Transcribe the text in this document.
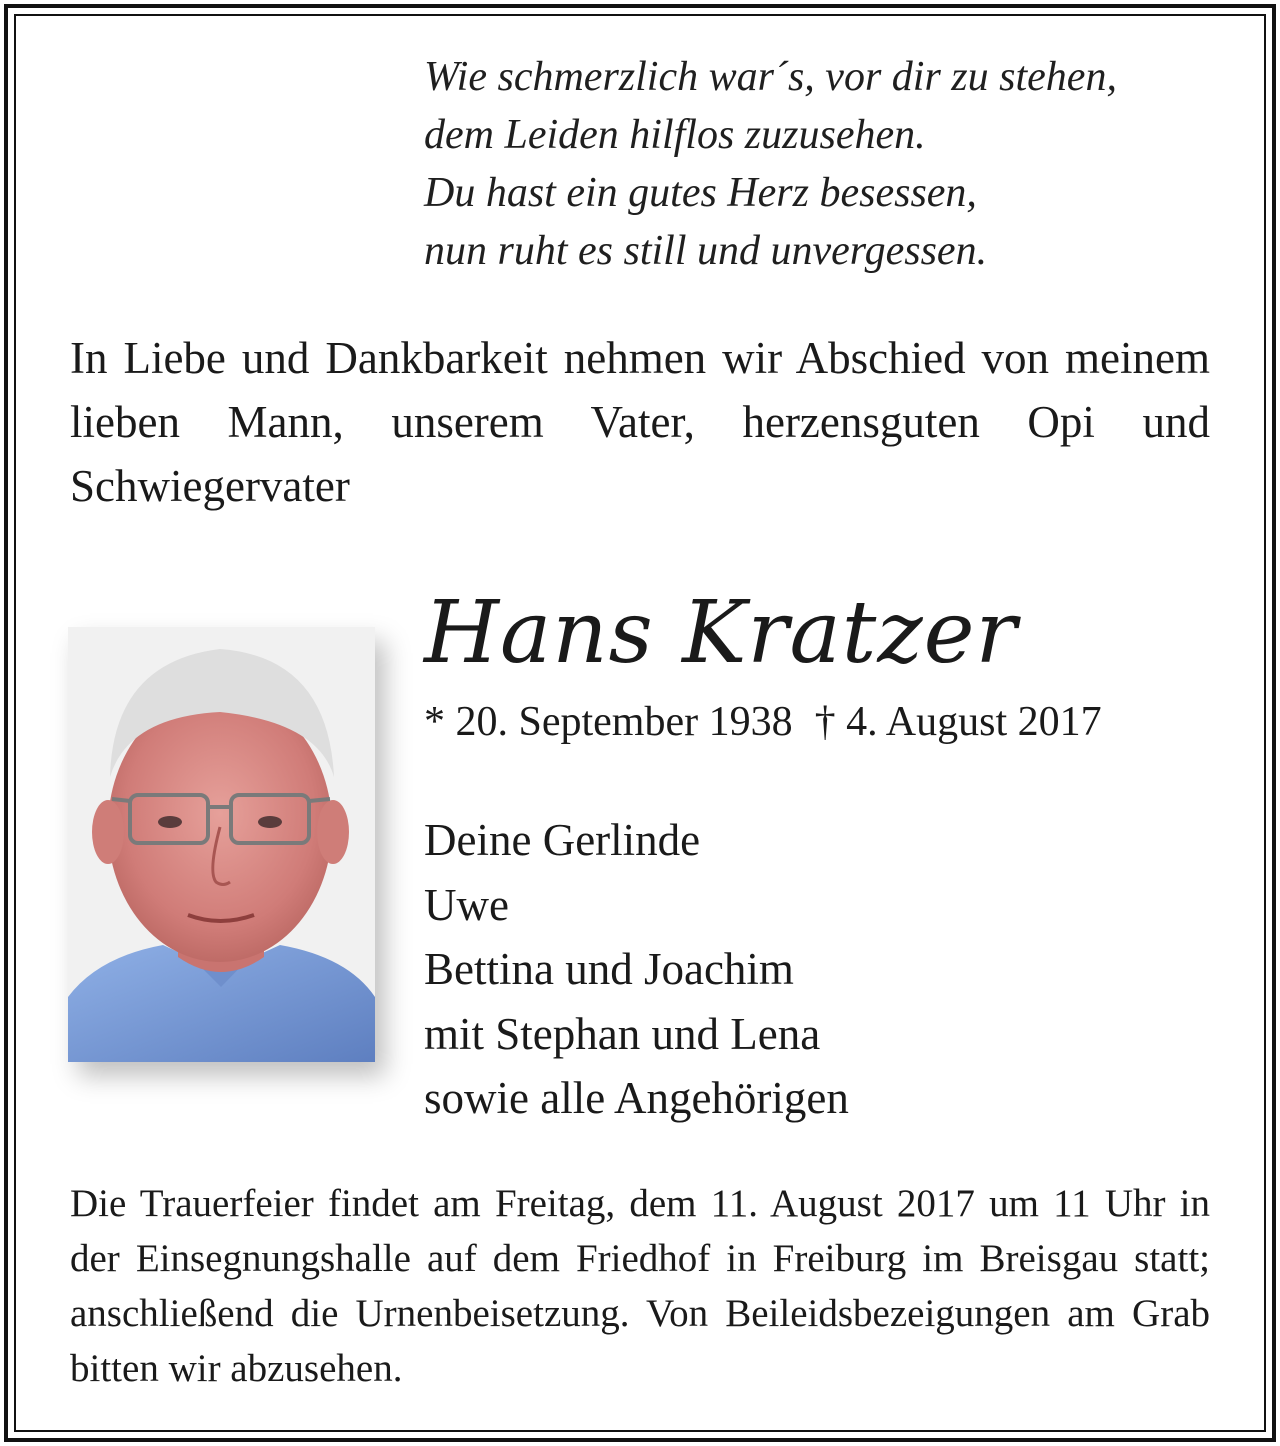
Wie schmerzlich war´s, vor dir zu stehen,
dem Leiden hilflos zuzusehen.
Du hast ein gutes Herz besessen,
nun ruht es still und unvergessen.
In Liebe und Dankbarkeit nehmen wir Abschied von meinem lieben Mann, unserem Vater, herzensguten Opi und Schwiegervater
Hans Kratzer
* 20. September 1938 † 4. August 2017
Deine Gerlinde
Uwe
Bettina und Joachim
mit Stephan und Lena
sowie alle Angehörigen
Die Trauerfeier findet am Freitag, dem 11. August 2017 um 11 Uhr in der Einsegnungshalle auf dem Friedhof in Freiburg im Breisgau statt; anschließend die Urnenbeisetzung. Von Beileidsbezeigungen am Grab bitten wir abzusehen.
